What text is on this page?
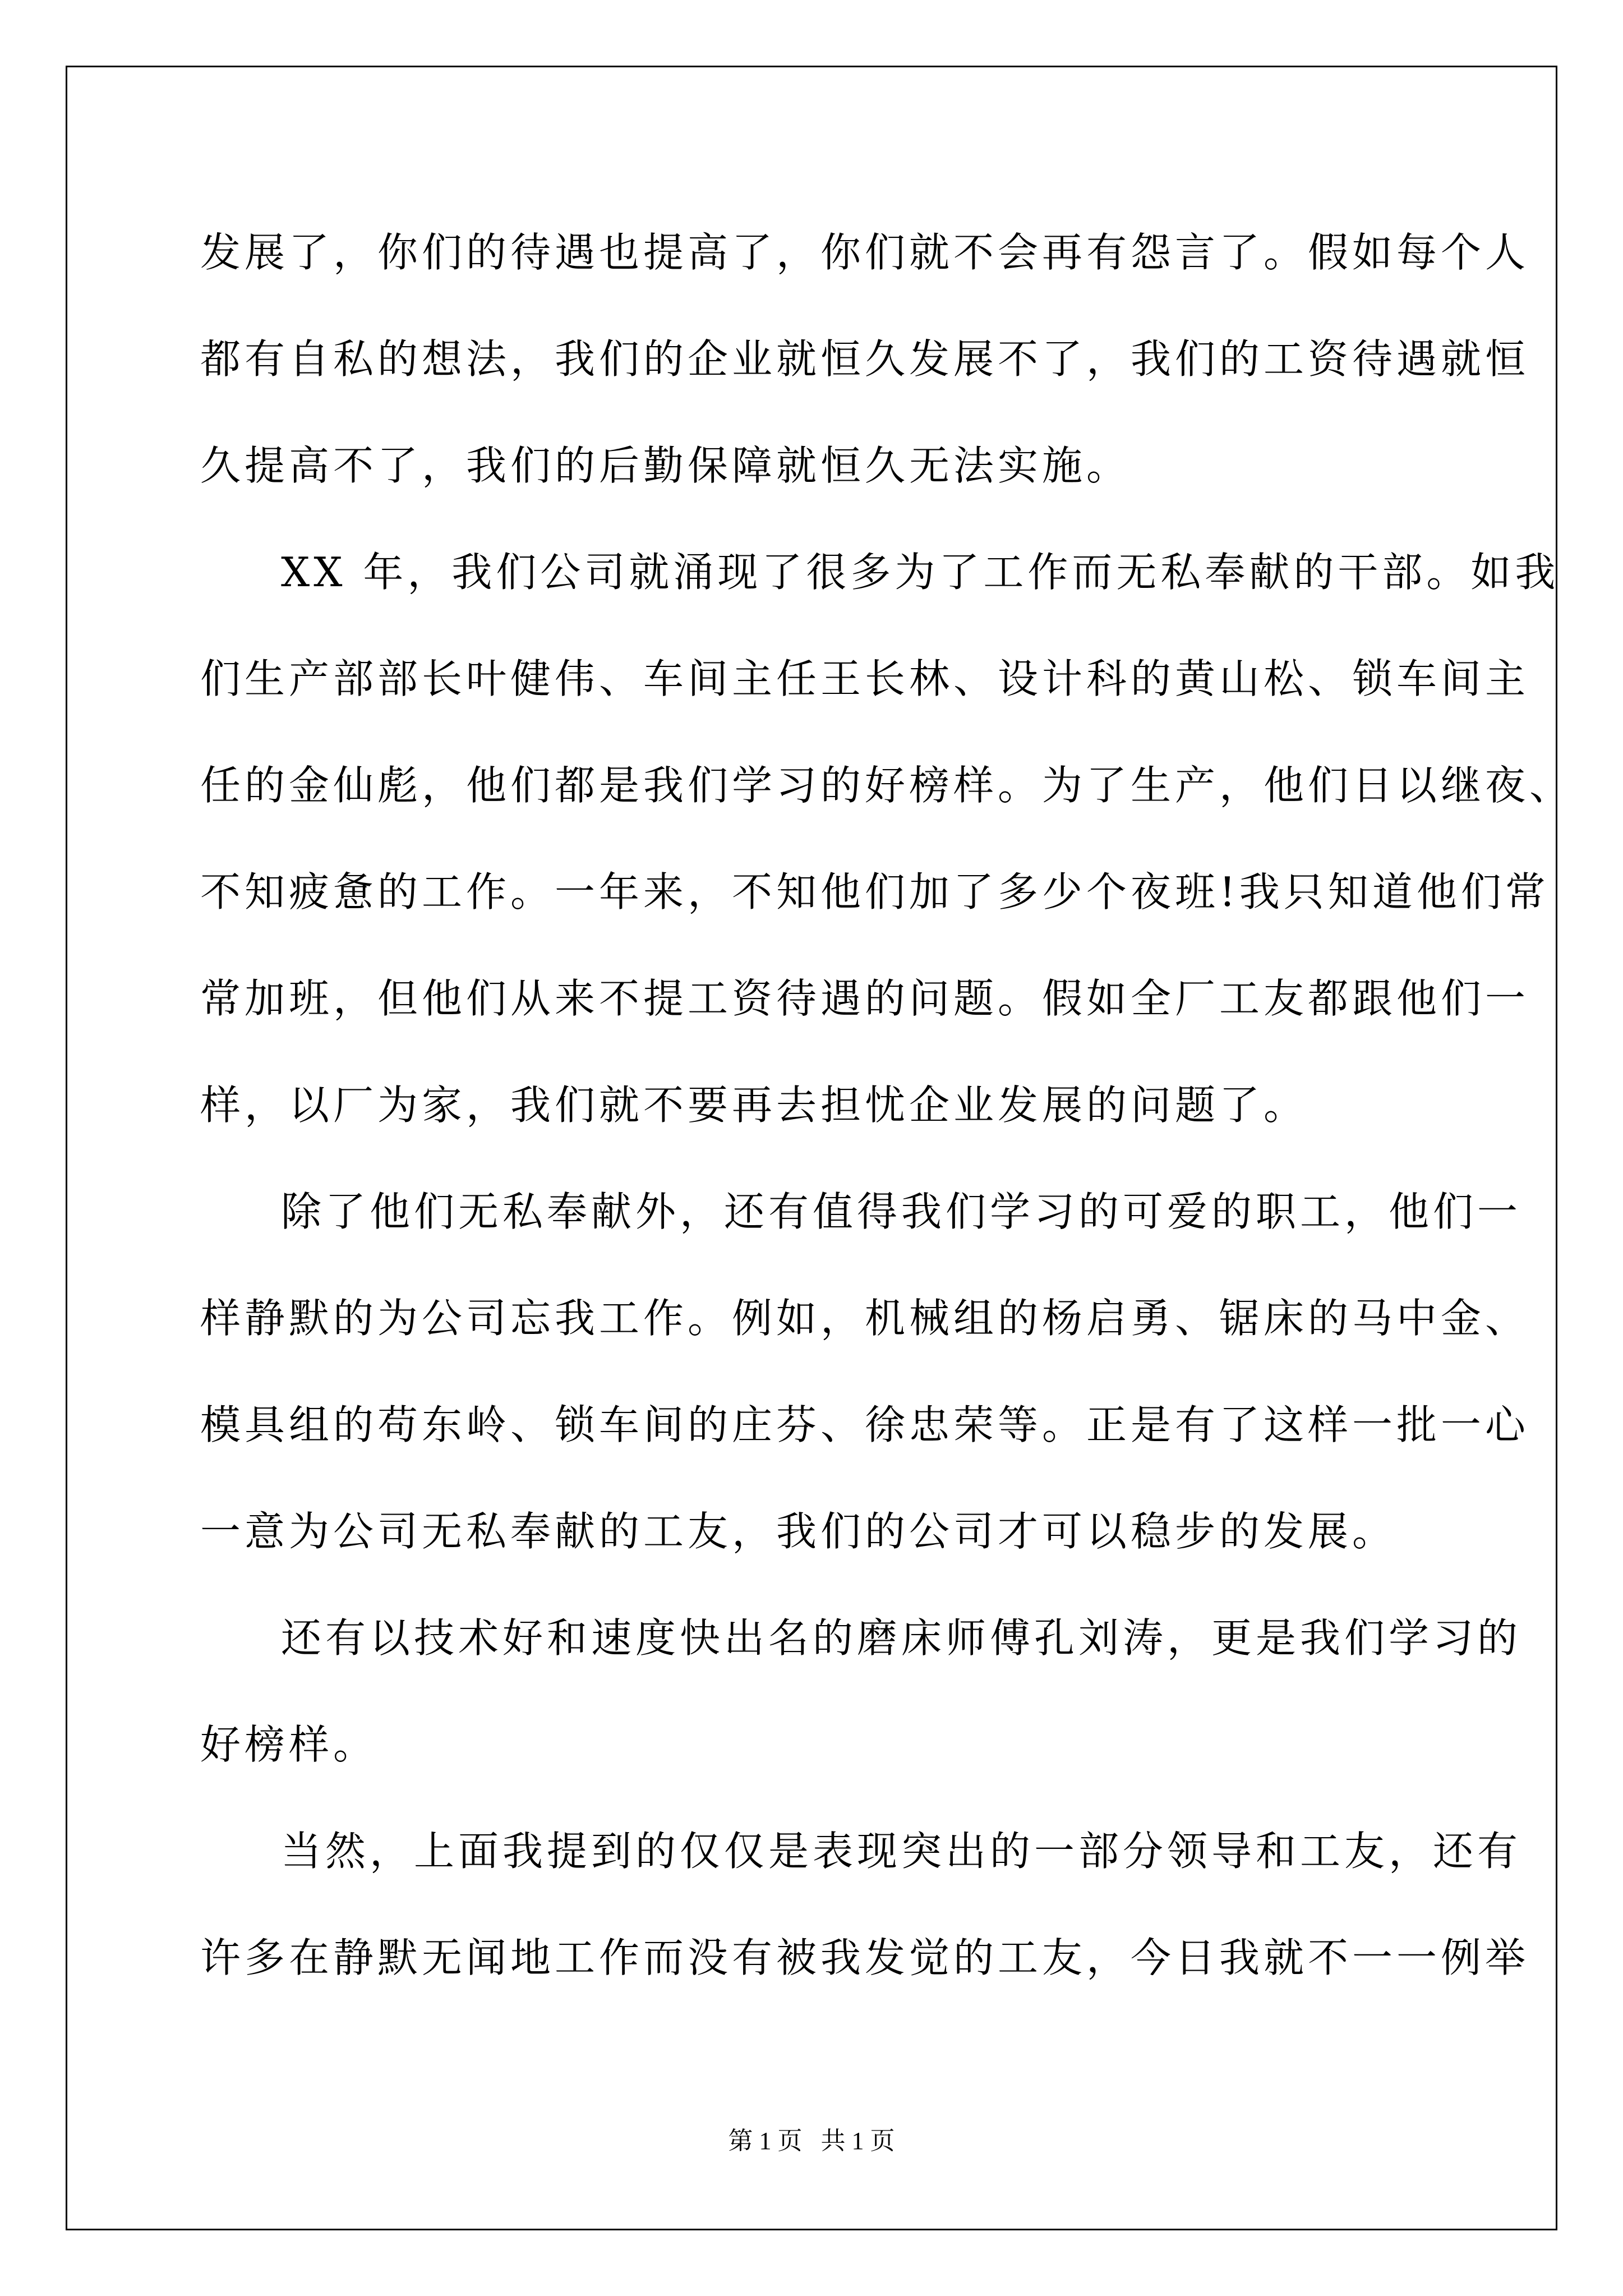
发展了，你们的待遇也提高了，你们就不会再有怨言了。假如每个人
都有自私的想法，我们的企业就恒久发展不了，我们的工资待遇就恒
久提高不了，我们的后勤保障就恒久无法实施。
XX 年，我们公司就涌现了很多为了工作而无私奉献的干部。如我
们生产部部长叶健伟、车间主任王长林、设计科的黄山松、锁车间主
任的金仙彪，他们都是我们学习的好榜样。为了生产，他们日以继夜、
不知疲惫的工作。一年来，不知他们加了多少个夜班!我只知道他们常
常加班，但他们从来不提工资待遇的问题。假如全厂工友都跟他们一
样，以厂为家，我们就不要再去担忧企业发展的问题了。
除了他们无私奉献外，还有值得我们学习的可爱的职工，他们一
样静默的为公司忘我工作。例如，机械组的杨启勇、锯床的马中金、
模具组的苟东岭、锁车间的庄芬、徐忠荣等。正是有了这样一批一心
一意为公司无私奉献的工友，我们的公司才可以稳步的发展。
还有以技术好和速度快出名的磨床师傅孔刘涛，更是我们学习的
好榜样。
当然，上面我提到的仅仅是表现突出的一部分领导和工友，还有
许多在静默无闻地工作而没有被我发觉的工友，今日我就不一一例举
第 1 页   共 1 页
